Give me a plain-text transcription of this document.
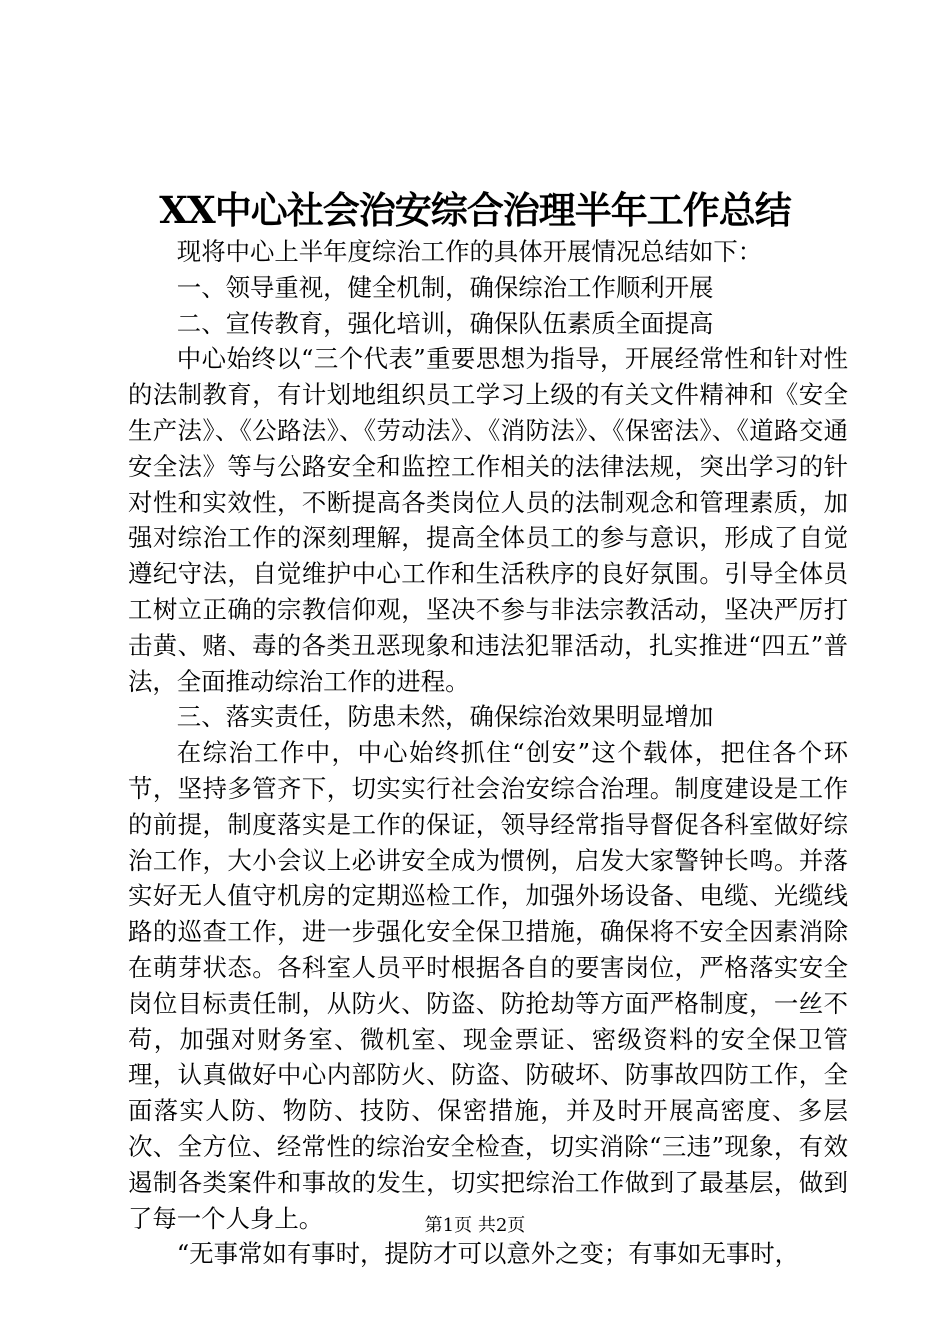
XX中心社会治安综合治理半年工作总结

现将中心上半年度综治工作的具体开展情况总结如下：

一、领导重视，健全机制，确保综治工作顺利开展

二、宣传教育，强化培训，确保队伍素质全面提高

中心始终以“三个代表”重要思想为指导，开展经常性和针对性的法制教育，有计划地组织员工学习上级的有关文件精神和《安全生产法》、《公路法》、《劳动法》、《消防法》、《保密法》、《道路交通安全法》等与公路安全和监控工作相关的法律法规，突出学习的针对性和实效性，不断提高各类岗位人员的法制观念和管理素质，加强对综治工作的深刻理解，提高全体员工的参与意识，形成了自觉遵纪守法，自觉维护中心工作和生活秩序的良好氛围。引导全体员工树立正确的宗教信仰观，坚决不参与非法宗教活动，坚决严厉打击黄、赌、毒的各类丑恶现象和违法犯罪活动，扎实推进“四五”普法，全面推动综治工作的进程。

三、落实责任，防患未然，确保综治效果明显增加

在综治工作中，中心始终抓住“创安”这个载体，把住各个环节，坚持多管齐下，切实实行社会治安综合治理。制度建设是工作的前提，制度落实是工作的保证，领导经常指导督促各科室做好综治工作，大小会议上必讲安全成为惯例，启发大家警钟长鸣。并落实好无人值守机房的定期巡检工作，加强外场设备、电缆、光缆线路的巡查工作，进一步强化安全保卫措施，确保将不安全因素消除在萌芽状态。各科室人员平时根据各自的要害岗位，严格落实安全岗位目标责任制，从防火、防盗、防抢劫等方面严格制度，一丝不苟，加强对财务室、微机室、现金票证、密级资料的安全保卫管理，认真做好中心内部防火、防盗、防破坏、防事故四防工作，全面落实人防、物防、技防、保密措施，并及时开展高密度、多层次、全方位、经常性的综治安全检查，切实消除“三违”现象，有效遏制各类案件和事故的发生，切实把综治工作做到了最基层，做到了每一个人身上。

“无事常如有事时，提防才可以意外之变；有事如无事时，

第1页 共2页
